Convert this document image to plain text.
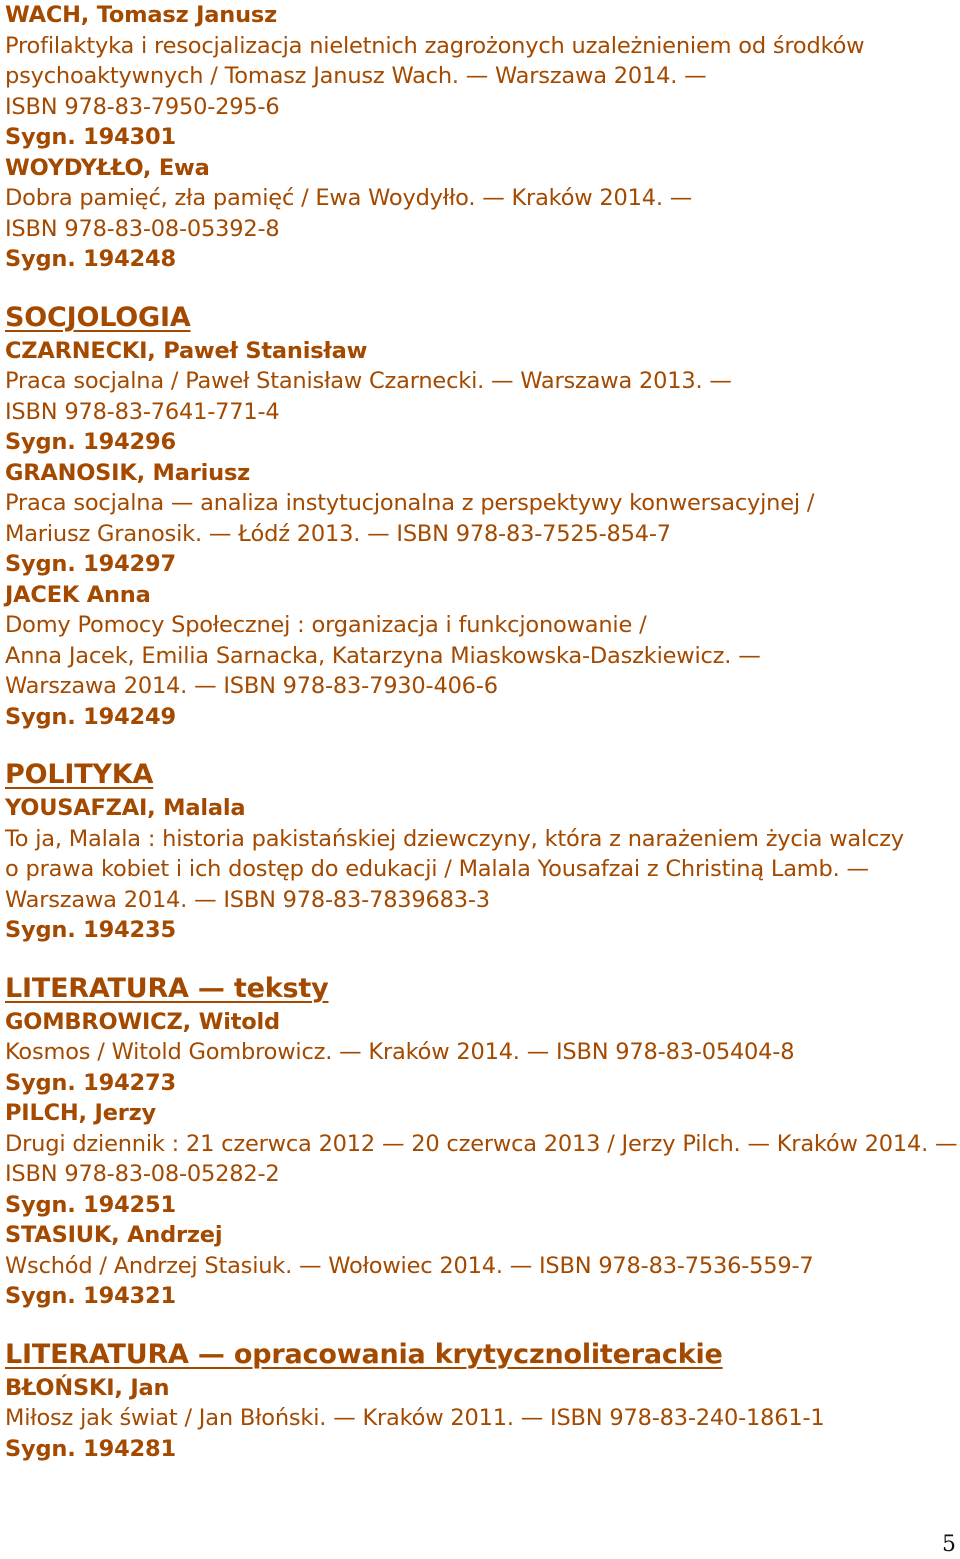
WACH, Tomasz Janusz
Profilaktyka i resocjalizacja nieletnich zagrożonych uzależnieniem od środków
psychoaktywnych / Tomasz Janusz Wach. — Warszawa 2014. —
ISBN 978-83-7950-295-6
Sygn. 194301
WOYDYŁŁO, Ewa
Dobra pamięć, zła pamięć / Ewa Woydyłło. — Kraków 2014. —
ISBN 978-83-08-05392-8
Sygn. 194248
SOCJOLOGIA
CZARNECKI, Paweł Stanisław
Praca socjalna / Paweł Stanisław Czarnecki. — Warszawa 2013. —
ISBN 978-83-7641-771-4
Sygn. 194296
GRANOSIK, Mariusz
Praca socjalna — analiza instytucjonalna z perspektywy konwersacyjnej /
Mariusz Granosik. — Łódź 2013. — ISBN 978-83-7525-854-7
Sygn. 194297
JACEK Anna
Domy Pomocy Społecznej : organizacja i funkcjonowanie /
Anna Jacek, Emilia Sarnacka, Katarzyna Miaskowska-Daszkiewicz. —
Warszawa 2014. — ISBN 978-83-7930-406-6
Sygn. 194249
POLITYKA
YOUSAFZAI, Malala
To ja, Malala : historia pakistańskiej dziewczyny, która z narażeniem życia walczy
o prawa kobiet i ich dostęp do edukacji / Malala Yousafzai z Christiną Lamb. —
Warszawa 2014. — ISBN 978-83-7839683-3
Sygn. 194235
LITERATURA — teksty
GOMBROWICZ, Witold
Kosmos / Witold Gombrowicz. — Kraków 2014. — ISBN 978-83-05404-8
Sygn. 194273
PILCH, Jerzy
Drugi dziennik : 21 czerwca 2012 — 20 czerwca 2013 / Jerzy Pilch. — Kraków 2014. —
ISBN 978-83-08-05282-2
Sygn. 194251
STASIUK, Andrzej
Wschód / Andrzej Stasiuk. — Wołowiec 2014. — ISBN 978-83-7536-559-7
Sygn. 194321
LITERATURA — opracowania krytycznoliterackie
BŁOŃSKI, Jan
Miłosz jak świat / Jan Błoński. — Kraków 2011. — ISBN 978-83-240-1861-1
Sygn. 194281
5
